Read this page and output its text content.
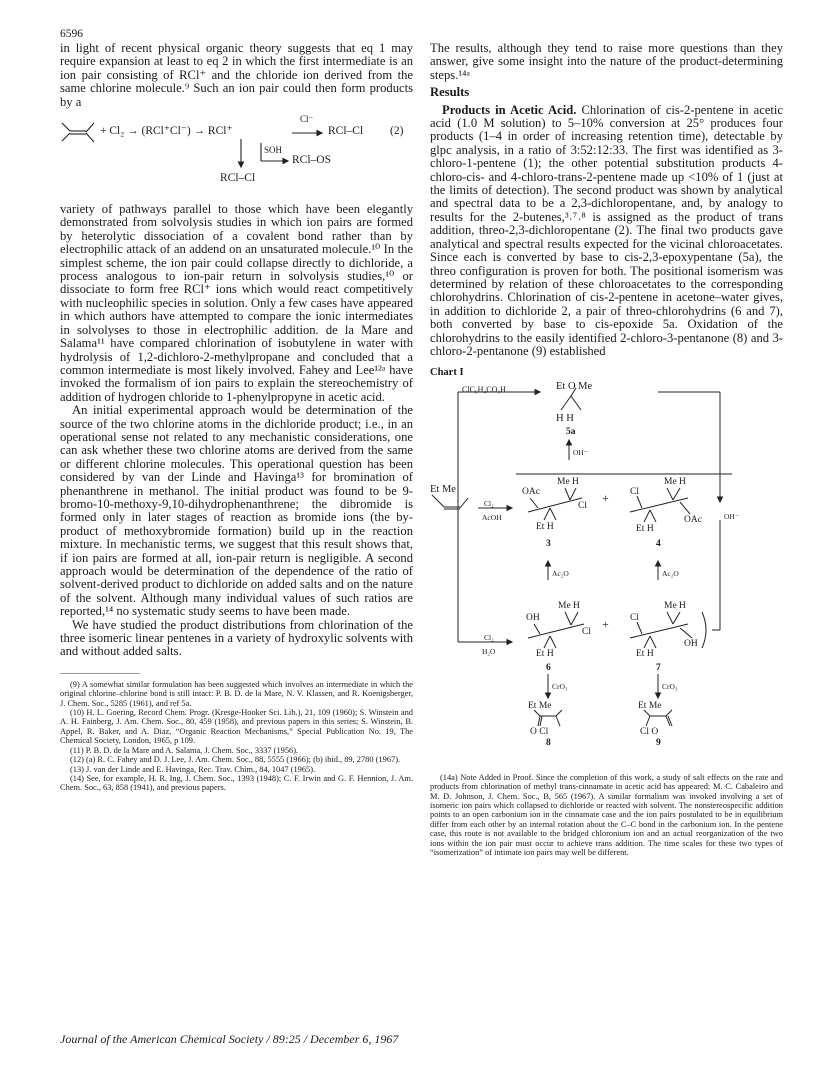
6596

in light of recent physical organic theory suggests that eq 1 may require expansion at least to eq 2 in which the first intermediate is an ion pair consisting of RCl⁺ and the chloride ion derived from the same chlorine molecule.⁹ Such an ion pair could then form products by a

+ Cl₂ → (RCl⁺Cl⁻) → RCl⁺
Cl⁻
RCl–Cl (2)
SOH
RCl–OS
RCl–Cl

variety of pathways parallel to those which have been elegantly demonstrated from solvolysis studies in which ion pairs are formed by heterolytic dissociation of a covalent bond rather than by electrophilic attack of an addend on an unsaturated molecule.¹⁰ In the simplest scheme, the ion pair could collapse directly to dichloride, a process analogous to ion-pair return in solvolysis studies,¹⁰ or dissociate to form free RCl⁺ ions which would react competitively with nucleophilic species in solution. Only a few cases have appeared in which authors have attempted to compare the ionic intermediates in solvolyses to those in electrophilic addition. de la Mare and Salama¹¹ have compared chlorination of isobutylene in water with hydrolysis of 1,2-dichloro-2-methylpropane and concluded that a common intermediate is most likely involved. Fahey and Lee¹²ᵃ have invoked the formalism of ion pairs to explain the stereochemistry of addition of hydrogen chloride to 1-phenylpropyne in acetic acid.

An initial experimental approach would be determination of the source of the two chlorine atoms in the dichloride product; i.e., in an operational sense not related to any mechanistic considerations, one can ask whether these two chlorine atoms are derived from the same or different chlorine molecules. This operational question has been considered by van der Linde and Havinga¹³ for bromination of phenanthrene in methanol. The initial product was found to be 9-bromo-10-methoxy-9,10-dihydrophenanthrene; the dibromide is formed only in later stages of reaction as bromide ions (the by-product of methoxybromide formation) build up in the reaction mixture. In mechanistic terms, we suggest that this result shows that, if ion pairs are formed at all, ion-pair return is negligible. A second approach would be determination of the dependence of the ratio of solvent-derived product to dichloride on added salts and on the nature of the solvent. Although many individual values of such ratios are reported,¹⁴ no systematic study seems to have been made.

We have studied the product distributions from chlorination of the three isomeric linear pentenes in a variety of hydroxylic solvents with and without added salts.

(9) A somewhat similar formulation has been suggested which involves an intermediate in which the original chlorine–chlorine bond is still intact: P. B. D. de la Mare, N. V. Klassen, and R. Koenigsberger, J. Chem. Soc., 5285 (1961), and ref 5a.

(10) H. L. Goering, Record Chem. Progr. (Kresge-Hooker Sci. Lib.), 21, 109 (1960); S. Winstein and A. H. Fainberg, J. Am. Chem. Soc., 80, 459 (1958), and previous papers in this series; S. Winstein, B. Appel, R. Baker, and A. Diaz, “Organic Reaction Mechanisms,” Special Publication No. 19, The Chemical Society, London, 1965, p 109.

(11) P. B. D. de la Mare and A. Salama, J. Chem. Soc., 3337 (1956).

(12) (a) R. C. Fahey and D. J. Lee, J. Am. Chem. Soc., 88, 5555 (1966); (b) ibid., 89, 2780 (1967).

(13) J. van der Linde and E. Havinga, Rec. Trav. Chim., 84, 1047 (1965).

(14) See, for example, H. R. Ing, J. Chem. Soc., 1393 (1948); C. F. Irwin and G. F. Hennion, J. Am. Chem. Soc., 63, 858 (1941), and previous papers.

The results, although they tend to raise more questions than they answer, give some insight into the nature of the product-determining steps.¹⁴ᵃ

Results

Products in Acetic Acid. Chlorination of cis-2-pentene in acetic acid (1.0 M solution) to 5–10% conversion at 25° produces four products (1–4 in order of increasing retention time), detectable by glpc analysis, in a ratio of 3:52:12:33. The first was identified as 3-chloro-1-pentene (1); the other potential substitution products 4-chloro-cis- and 4-chloro-trans-2-pentene made up <10% of 1 (just at the limits of detection). The second product was shown by analytical and spectral data to be a 2,3-dichloropentane, and, by analogy to results for the 2-butenes,³˒⁷˒⁸ is assigned as the product of trans addition, threo-2,3-dichloropentane (2). The final two products gave analytical and spectral results expected for the vicinal chloroacetates. Since each is converted by base to cis-2,3-epoxypentane (5a), the threo configuration is proven for both. The positional isomerism was determined by relation of these chloroacetates to the corresponding chlorohydrins. Chlorination of cis-2-pentene in acetone–water gives, in addition to dichloride 2, a pair of threo-chlorohydrins (6 and 7), both converted by base to cis-epoxide 5a. Oxidation of the chlorohydrins to the easily identified 2-chloro-3-pentanone (8) and 3-chloro-2-pentanone (9) established

Chart I

ClC₆H₄CO₃H	Et O Me
H H
5a
OH⁻
Et Me
Cl₂
AcOH
Me H
OAc
Cl
Et H
+
Me H
Cl
OAc
Et H
OH⁻
3	4
Ac₂O	Ac₂O
Me H
OH
Cl
Et H
+
Me H
Cl
OH
Et H
Cl₂
H₂O
6	7
CrO₃	CrO₃
Et Me
O Cl
Et Me
Cl O
8	9
(14a) Note Added in Proof. Since the completion of this work, a study of salt effects on the rate and products from chlorination of methyl trans-cinnamate in acetic acid has appeared: M. C. Cabaleiro and M. D. Johnson, J. Chem. Soc., B, 565 (1967). A similar formalism was invoked involving a set of isomeric ion pairs which collapsed to dichloride or reacted with solvent. The nonstereospecific addition points to an open carbonium ion in the cinnamate case and the ion pairs postulated to be in equilibrium differ from each other by an internal rotation about the C–C bond in the carbonium ion. In the pentene case, this route is not available to the bridged chloronium ion and an actual reorganization of the two ions within the ion pair must occur to achieve trans addition. The time scales for these two types of “isomerization” of intimate ion pairs may well be different.
Journal of the American Chemical Society / 89:25 / December 6, 1967
